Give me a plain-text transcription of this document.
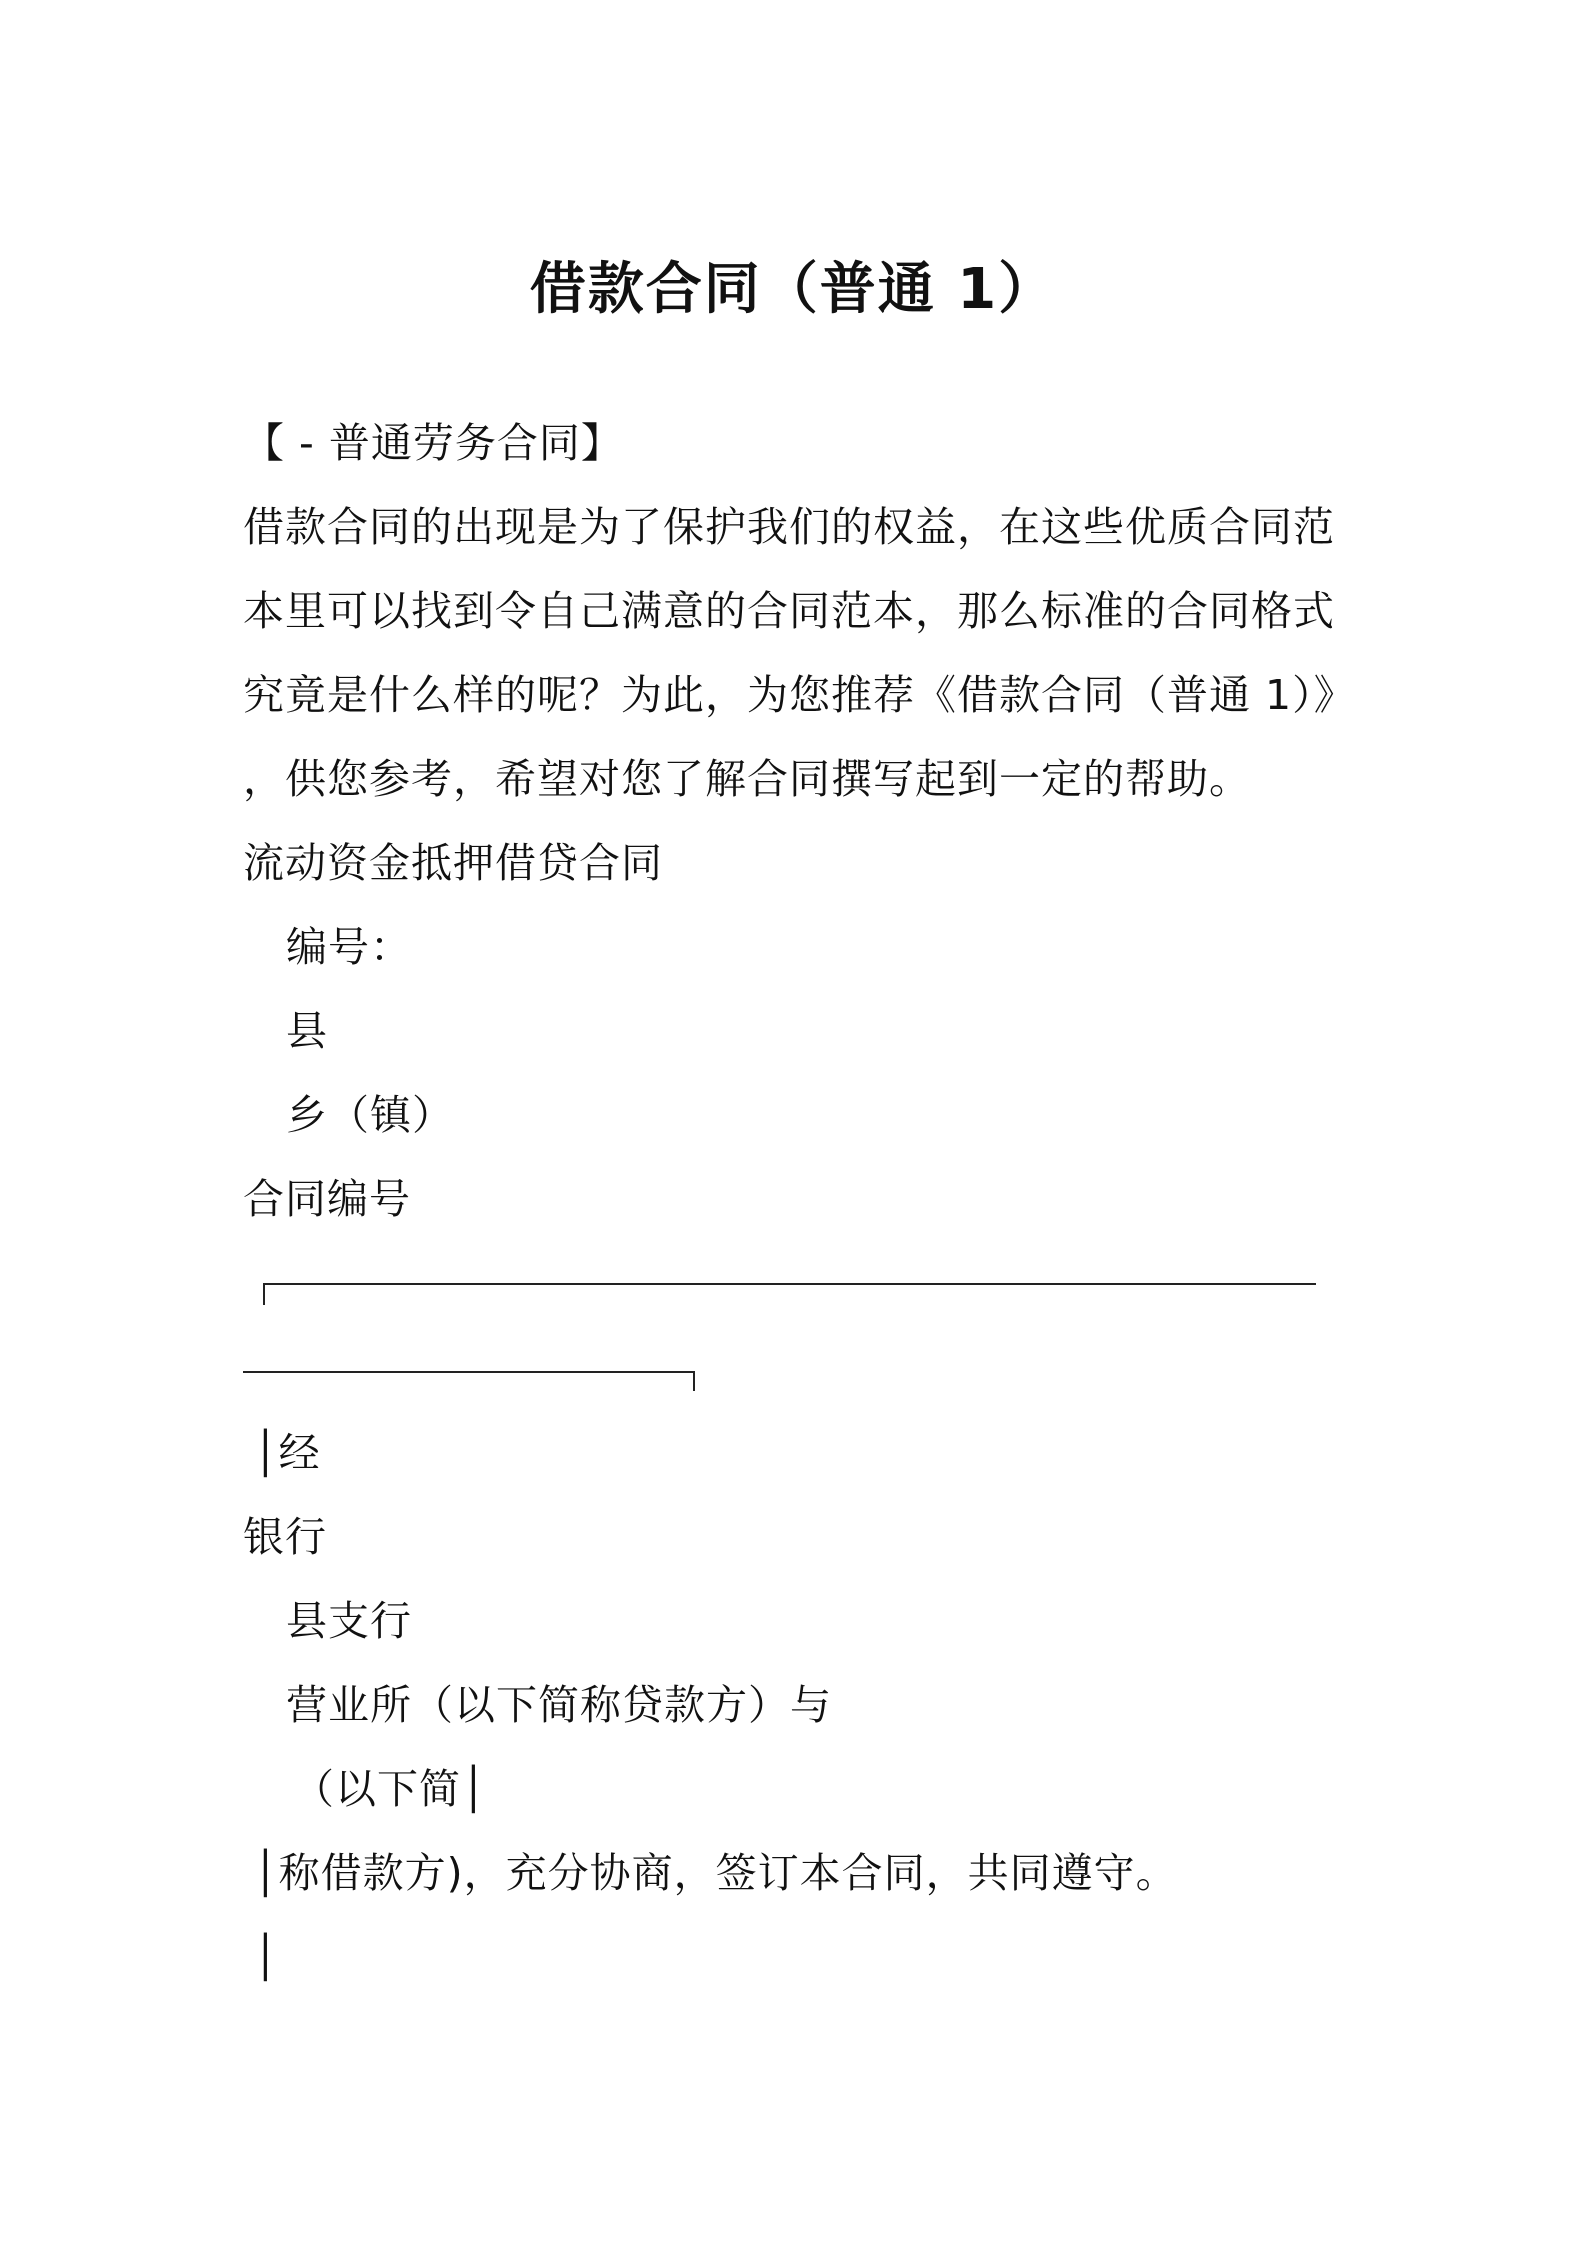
借款合同（普通 1）
【 - 普通劳务合同】
借款合同的出现是为了保护我们的权益，在这些优质合同范
本里可以找到令自己满意的合同范本，那么标准的合同格式
究竟是什么样的呢？为此，为您推荐《借款合同（普通 1）》
，供您参考，希望对您了解合同撰写起到一定的帮助。
流动资金抵押借贷合同
编号：
县
乡（镇）
合同编号
│经
银行
县支行
营业所（以下简称贷款方）与
（以下简│
│称借款方)，充分协商，签订本合同，共同遵守。
│
